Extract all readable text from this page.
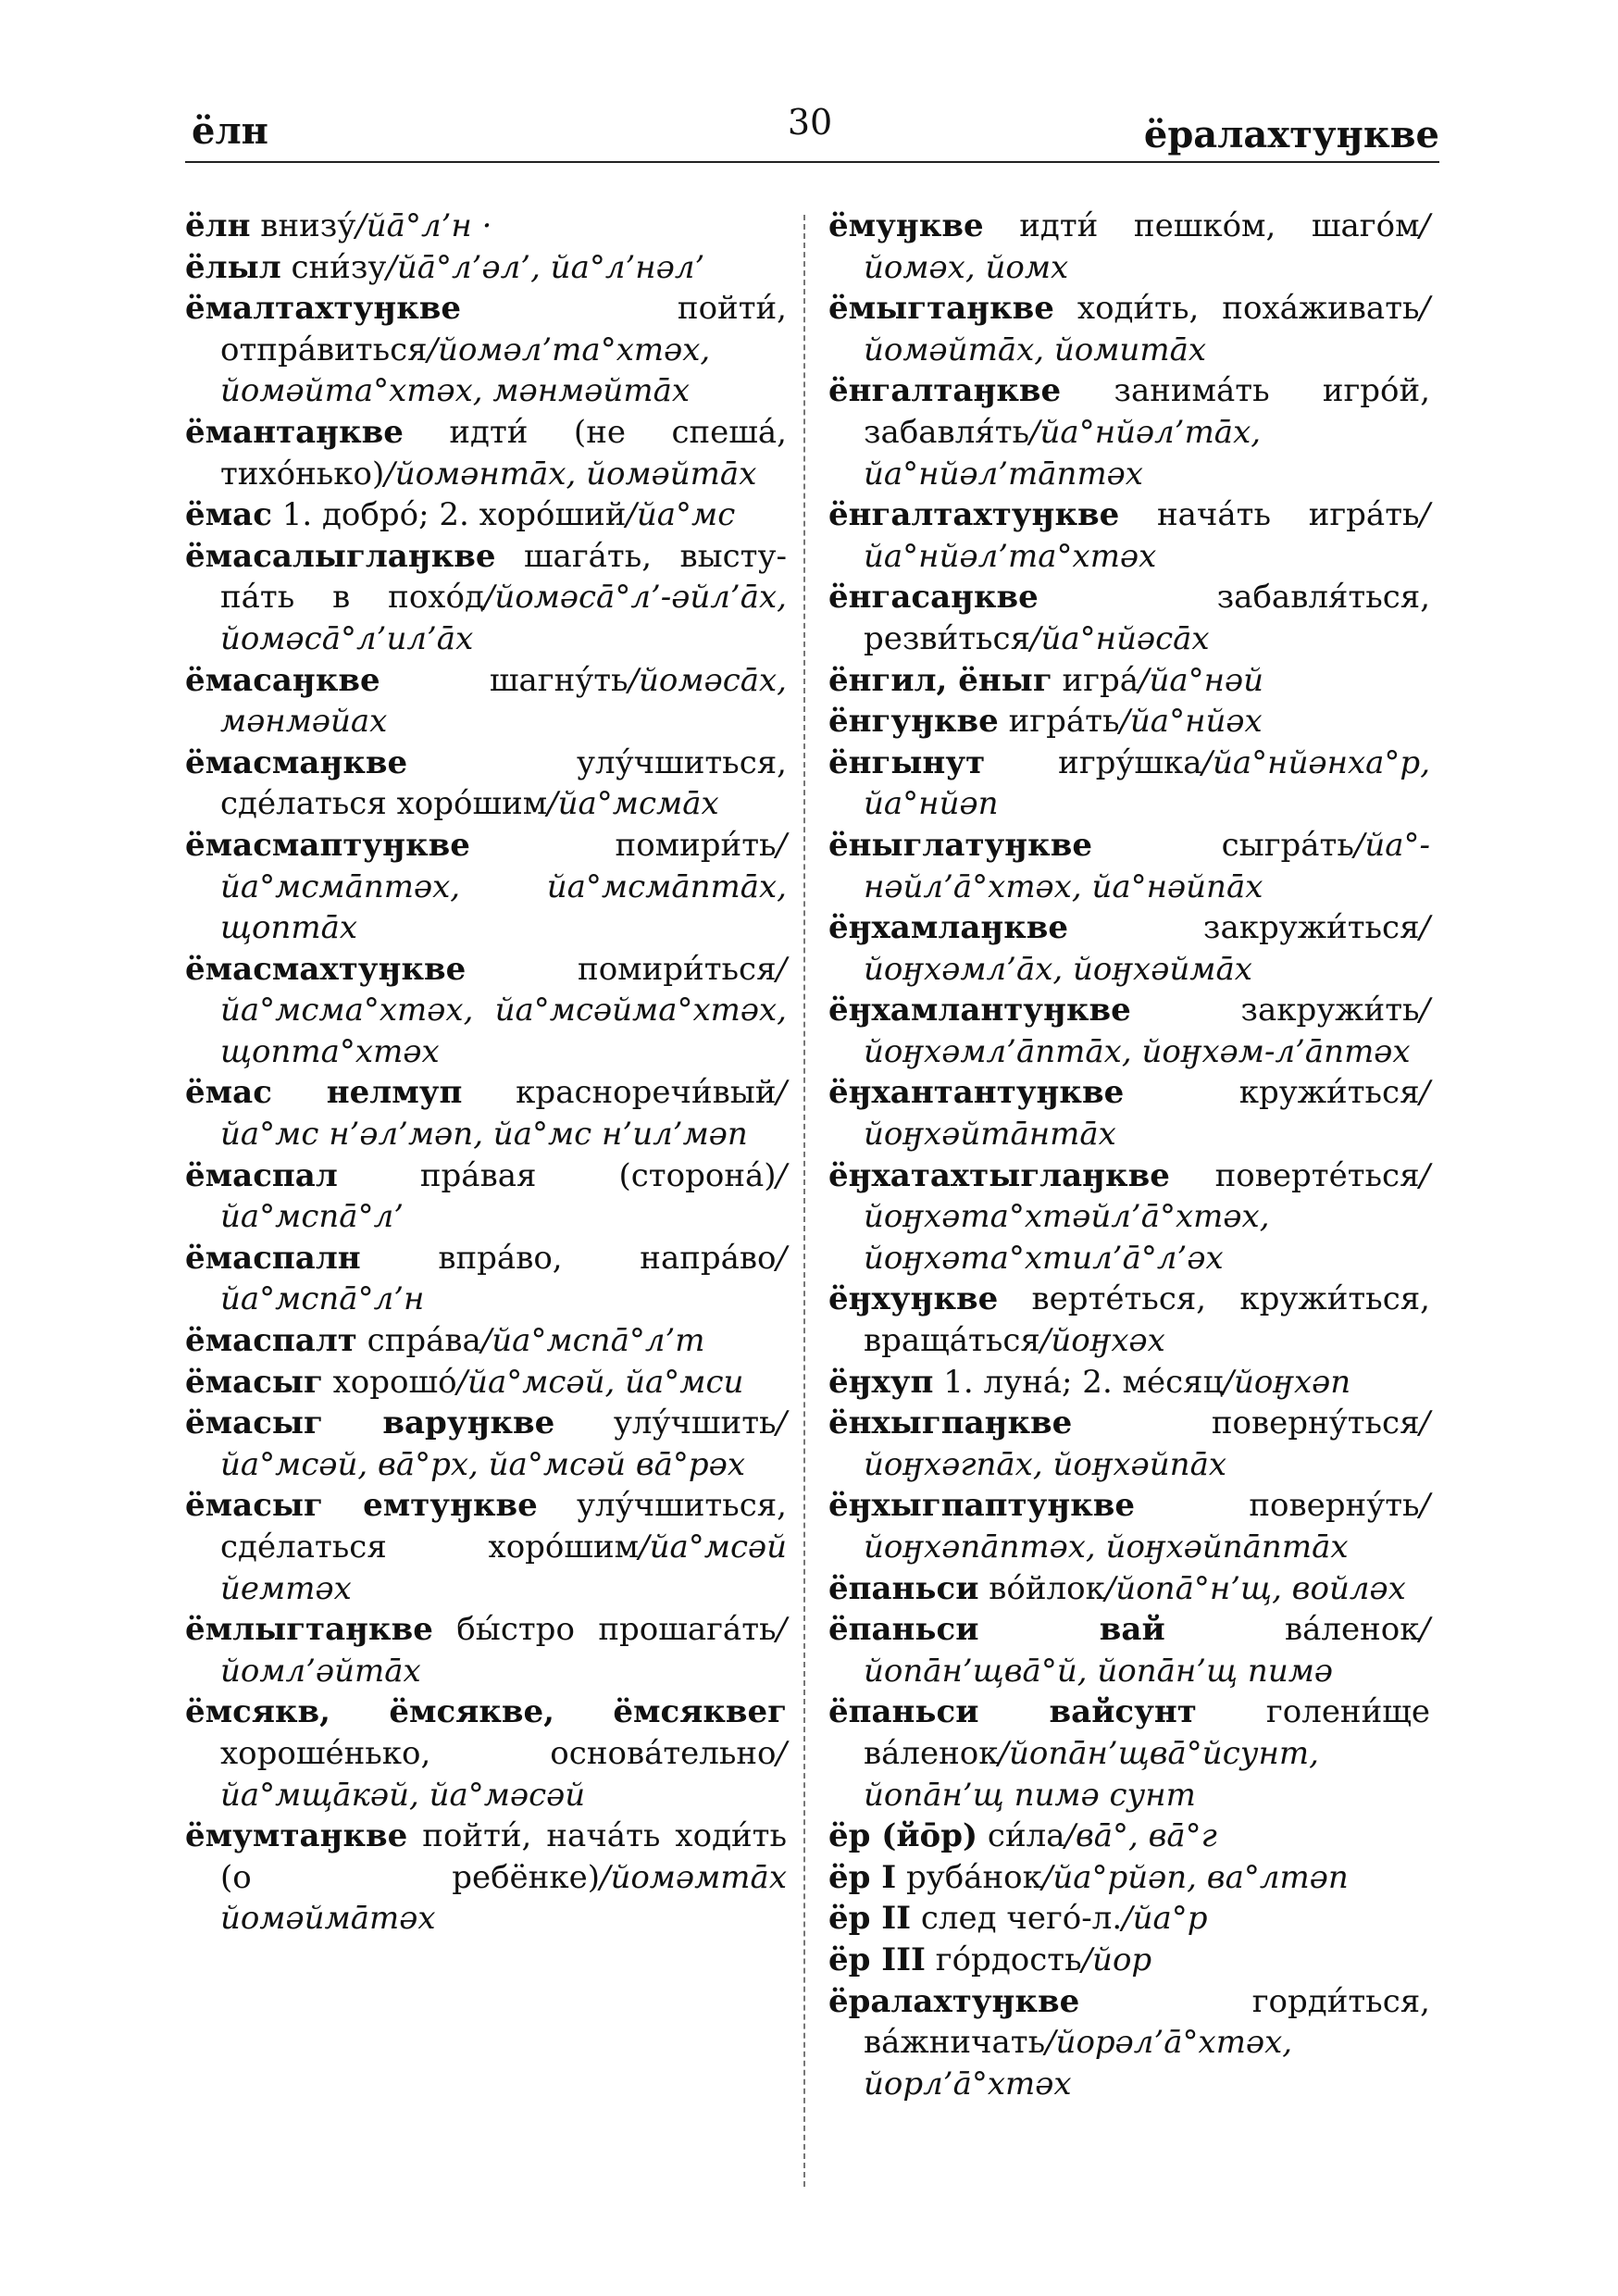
ёлн	30	ёралахтуӈкве

ёлн внизу́/йа̄°л’н ·

ёлыл сни́зу/йа̄°л’əл’, йа°л’нəл’

ёмалтахтуӈкве пойти́, отпра́виться/йомəл’та°хтəх, йомəйта°хтəх, мəнмəйтāх

ёмантаӈкве идти́ (не спеша́, тихо́нько)/йомəнтāх, йомəйтāх

ёмас 1. добро́; 2. хоро́ший/йа°мс

ёмасалыглаӈкве шага́ть, выступа́ть в похо́д/йомəса̄°л’-əйл’āх, йомəса̄°л’ил’āх

ёмасаӈкве шагну́ть/йомəсāх, мəнмəйах

ёмасмаӈкве улу́чшиться, сде́латься хоро́шим/йа°мсмāх

ёмасмаптуӈкве помири́ть/йа°мсмāптəх, йа°мсмāптāх, щоптāх

ёмасмахтуӈкве помири́ться/йа°мсма°хтəх, йа°мсəйма°хтəх, щопта°хтəх

ёмас нелмуп красноречи́вый/йа°мс н’əл’мəп, йа°мс н’ил’мəп

ёмаспал пра́вая (сторона́)/йа°мспа̄°л’

ёмаспалн впра́во, напра́во/йа°мспа̄°л’н

ёмаспалт спра́ва/йа°мспа̄°л’т

ёмасыг хорошо́/йа°мсəй, йа°мси

ёмасыг варуӈкве улу́чшить/йа°мсəй, вā°рх, йа°мсəй вā°рəх

ёмасыг емтуӈкве улу́чшиться, сде́латься хоро́шим/йа°мсəй йемтəх

ёмлыгтаӈкве бы́стро прошага́ть/йомл’əйтāх

ёмсякв, ёмсякве, ёмсяквег хороше́нько, основа́тельно/йа°мщāкəй, йа°мəсəй

ёмумтаӈкве пойти́, нача́ть ходи́ть (о ребёнке)/йомəмтāх йомəймāтəх

ёмуӈкве идти́ пешко́м, шаго́м/йомəх, йомх

ёмыгтаӈкве ходи́ть, поха́живать/йомəйтāх, йомитāх

ёнгалтаӈкве занима́ть игро́й, забавля́ть/йа°нйəл’тāх, йа°нйəл’тāптəх

ёнгалтахтуӈкве нача́ть игра́ть/йа°нйəл’та°хтəх

ёнгасаӈкве забавля́ться, резви́ться/йа°нйəсāх

ёнгил, ёныг игра́/йа°нəй

ёнгуӈкве игра́ть/йа°нйəх

ёнгынут игру́шка/йа°нйəнха°р, йа°нйəп

ёныглатуӈкве сыгра́ть/йа°-нəйл’а̄°хтəх, йа°нəйпāх

ёӈхамлаӈкве закружи́ться/йоӈхəмл’āх, йоӈхəймāх

ёӈхамлантуӈкве закружи́ть/йоӈхəмл’āптāх, йоӈхəм-л’āптəх

ёӈхантантуӈкве кружи́ться/йоӈхəйтāнтāх

ёӈхатахтыглаӈкве поверте́ться/йоӈхəта°хтəйл’а̄°хтəх, йоӈхəта°хтил’а̄°л’əх

ёӈхуӈкве верте́ться, кружи́ться, враща́ться/йоӈхəх

ёӈхуп 1. луна́; 2. ме́сяц/йоӈхəп

ёнхыгпаӈкве поверну́ться/йоӈхəгпāх, йоӈхəйпāх

ёӈхыгпаптуӈкве поверну́ть/йоӈхəпāптəх, йоӈхəйпāптāх

ёпаньси во́йлок/йопа̄°н’щ, войлəх

ёпаньси вай ва́ленок/йопāн’щва̄°й, йопāн’щ пимə

ёпаньси вайсунт голени́ще ва́ленок/йопāн’щва̄°йсунт, йопāн’щ пимə сунт

ёр (йōр) си́ла/вā°, вā°г

ёр I руба́нок/йа°рйəп, ва°лтəп

ёр II след чего́-л./йа°р

ёр III го́рдость/йор

ёралахтуӈкве горди́ться, ва́жничать/йорəл’а̄°хтəх, йорл’а̄°хтəх
